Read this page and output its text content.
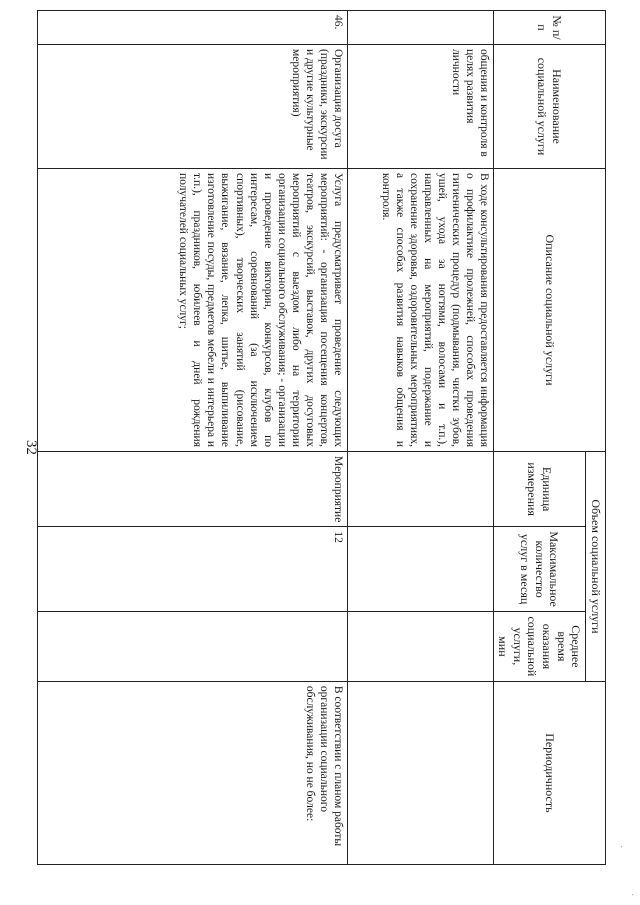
·
·
№ п/п	Наименование социальной услуги	Описание социальной услуги	Объем социальной услуги			Периодичность
			Единица измерения	Максимальное количество услуг в месяц	Среднее время оказания социальной услуги, мин	
	общения и контроля в целях развития личности	В ходе консультирования предоставляется информация о профилактике пролежней, способах проведения гигиенических процедур (подмывания, чистки зубов, ушей, ухода за ногтями, волосами и т.п.), направленных на мероприятий, подержание и сохранение здоровья, оздоровительных мероприятиях, а также способах развития навыков общения и контроля.				
46.	Организация досуга (праздники, экскурсии и другие культурные мероприятия)	Услуга предусматривает проведение следующих мероприятий: - организация посещения концертов, театров, экскурсий, выставок, других досуговых мероприятий с выездом либо на территории организации социального обслуживания; - организации и проведение викторин, конкурсов, клубов по интересам, соревнований (за исключением спортивных), творческих занятий (рисование, выжигание, вязание, лепка, шитье, выпиливание изготовление посуды, предметов мебели и интерьера и т.п.), праздников, юбилеев и дней рождения получателей социальных услуг;	Мероприятие	12		В соответствии с планом работы организации социального обслуживания, но не более:
32
